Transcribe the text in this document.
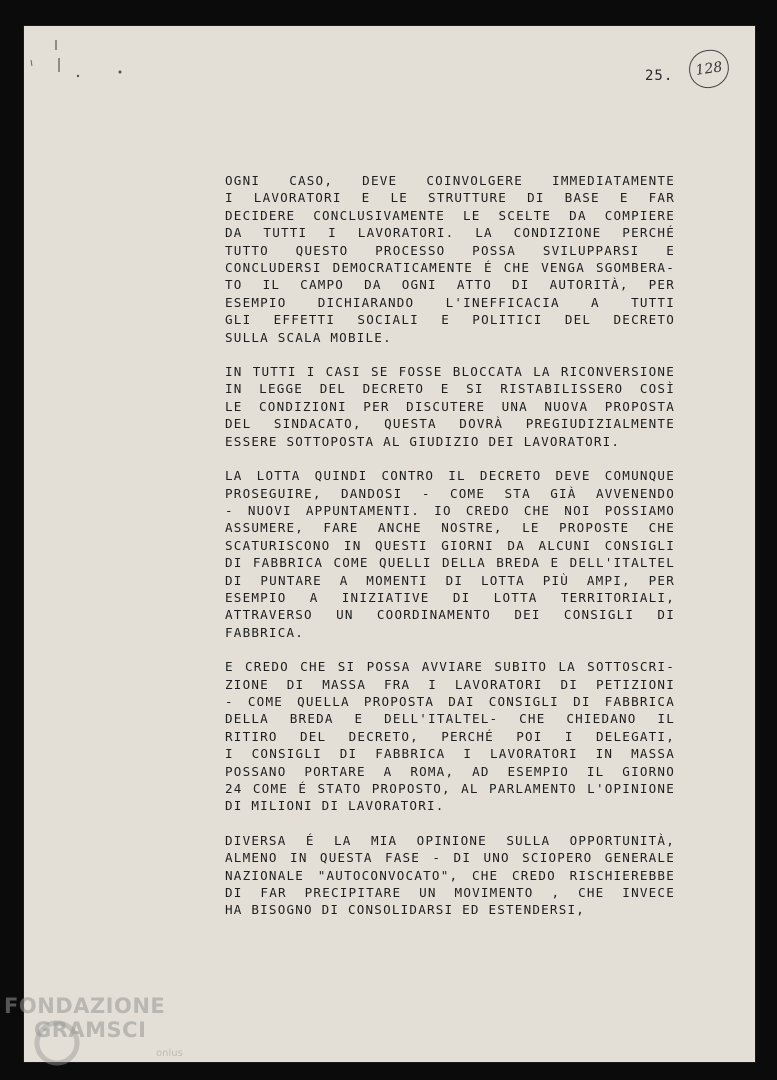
25. 128
OGNI CASO, DEVE COINVOLGERE IMMEDIATAMENTE
I LAVORATORI E LE STRUTTURE DI BASE E FAR
DECIDERE CONCLUSIVAMENTE LE SCELTE DA COMPIERE
DA TUTTI I LAVORATORI. LA CONDIZIONE PERCHÉ
TUTTO QUESTO PROCESSO POSSA SVILUPPARSI E
CONCLUDERSI DEMOCRATICAMENTE É CHE VENGA SGOMBERA-
TO IL CAMPO DA OGNI ATTO DI AUTORITÀ, PER
ESEMPIO DICHIARANDO L'INEFFICACIA A TUTTI
GLI EFFETTI SOCIALI E POLITICI DEL DECRETO
SULLA SCALA MOBILE.
IN TUTTI I CASI SE FOSSE BLOCCATA LA RICONVERSIONE
IN LEGGE DEL DECRETO E SI RISTABILISSERO COSÌ
LE CONDIZIONI PER DISCUTERE UNA NUOVA PROPOSTA
DEL SINDACATO, QUESTA DOVRÀ PREGIUDIZIALMENTE
ESSERE SOTTOPOSTA AL GIUDIZIO DEI LAVORATORI.
LA LOTTA QUINDI CONTRO IL DECRETO DEVE COMUNQUE
PROSEGUIRE, DANDOSI - COME STA GIÀ AVVENENDO
- NUOVI APPUNTAMENTI. IO CREDO CHE NOI POSSIAMO
ASSUMERE, FARE ANCHE NOSTRE, LE PROPOSTE CHE
SCATURISCONO IN QUESTI GIORNI DA ALCUNI CONSIGLI
DI FABBRICA COME QUELLI DELLA BREDA E DELL'ITALTEL
DI PUNTARE A MOMENTI DI LOTTA PIÙ AMPI, PER
ESEMPIO A INIZIATIVE DI LOTTA TERRITORIALI,
ATTRAVERSO UN COORDINAMENTO DEI CONSIGLI DI
FABBRICA.
E CREDO CHE SI POSSA AVVIARE SUBITO LA SOTTOSCRI-
ZIONE DI MASSA FRA I LAVORATORI DI PETIZIONI
- COME QUELLA PROPOSTA DAI CONSIGLI DI FABBRICA
DELLA BREDA E DELL'ITALTEL- CHE CHIEDANO IL
RITIRO DEL DECRETO, PERCHÉ POI I DELEGATI,
I CONSIGLI DI FABBRICA I LAVORATORI IN MASSA
POSSANO PORTARE A ROMA, AD ESEMPIO IL GIORNO
24 COME É STATO PROPOSTO, AL PARLAMENTO L'OPINIONE
DI MILIONI DI LAVORATORI.
DIVERSA É LA MIA OPINIONE SULLA OPPORTUNITÀ,
ALMENO IN QUESTA FASE - DI UNO SCIOPERO GENERALE
NAZIONALE "AUTOCONVOCATO", CHE CREDO RISCHIEREBBE
DI FAR PRECIPITARE UN MOVIMENTO , CHE INVECE
HA BISOGNO DI CONSOLIDARSI ED ESTENDERSI,
FONDAZIONE
GRAMSCI
onlus
